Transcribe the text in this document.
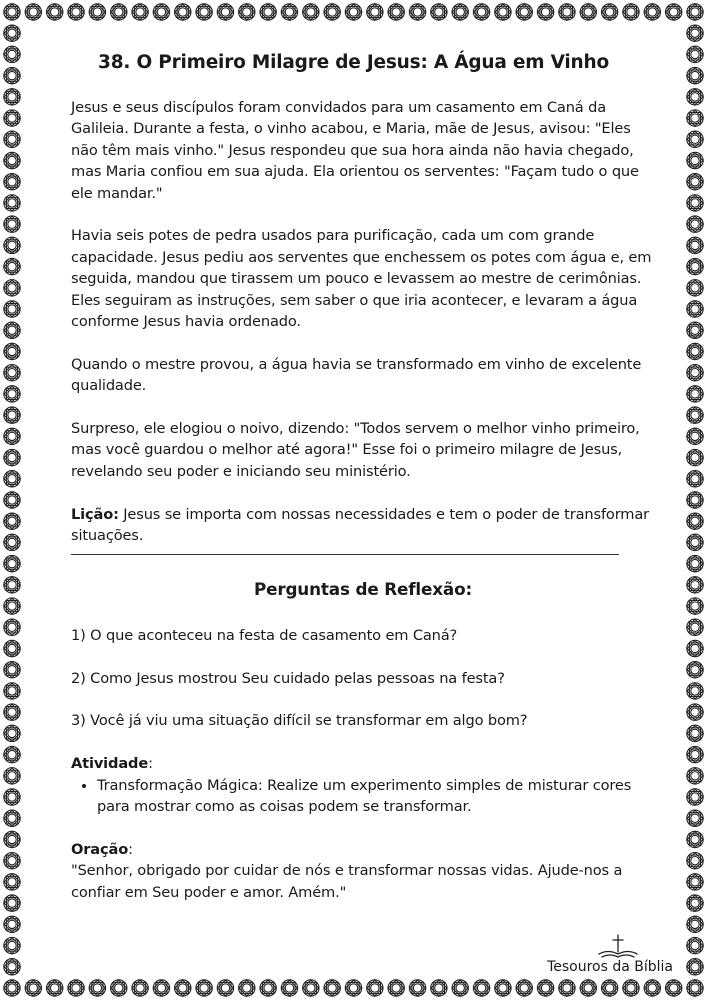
38. O Primeiro Milagre de Jesus: A Água em Vinho

Jesus e seus discípulos foram convidados para um casamento em Caná da Galileia. Durante a festa, o vinho acabou, e Maria, mãe de Jesus, avisou: "Eles não têm mais vinho." Jesus respondeu que sua hora ainda não havia chegado, mas Maria confiou em sua ajuda. Ela orientou os serventes: "Façam tudo o que ele mandar."

Havia seis potes de pedra usados para purificação, cada um com grande capacidade. Jesus pediu aos serventes que enchessem os potes com água e, em seguida, mandou que tirassem um pouco e levassem ao mestre de cerimônias. Eles seguiram as instruções, sem saber o que iria acontecer, e levaram a água conforme Jesus havia ordenado.

Quando o mestre provou, a água havia se transformado em vinho de excelente qualidade.

Surpreso, ele elogiou o noivo, dizendo: "Todos servem o melhor vinho primeiro, mas você guardou o melhor até agora!" Esse foi o primeiro milagre de Jesus, revelando seu poder e iniciando seu ministério.

Lição: Jesus se importa com nossas necessidades e tem o poder de transformar situações.

Perguntas de Reflexão:

1) O que aconteceu na festa de casamento em Caná?

2) Como Jesus mostrou Seu cuidado pelas pessoas na festa?

3) Você já viu uma situação difícil se transformar em algo bom?

Atividade:

• Transformação Mágica: Realize um experimento simples de misturar cores para mostrar como as coisas podem se transformar.

Oração:

"Senhor, obrigado por cuidar de nós e transformar nossas vidas. Ajude-nos a confiar em Seu poder e amor. Amém."

Tesouros da Bíblia
